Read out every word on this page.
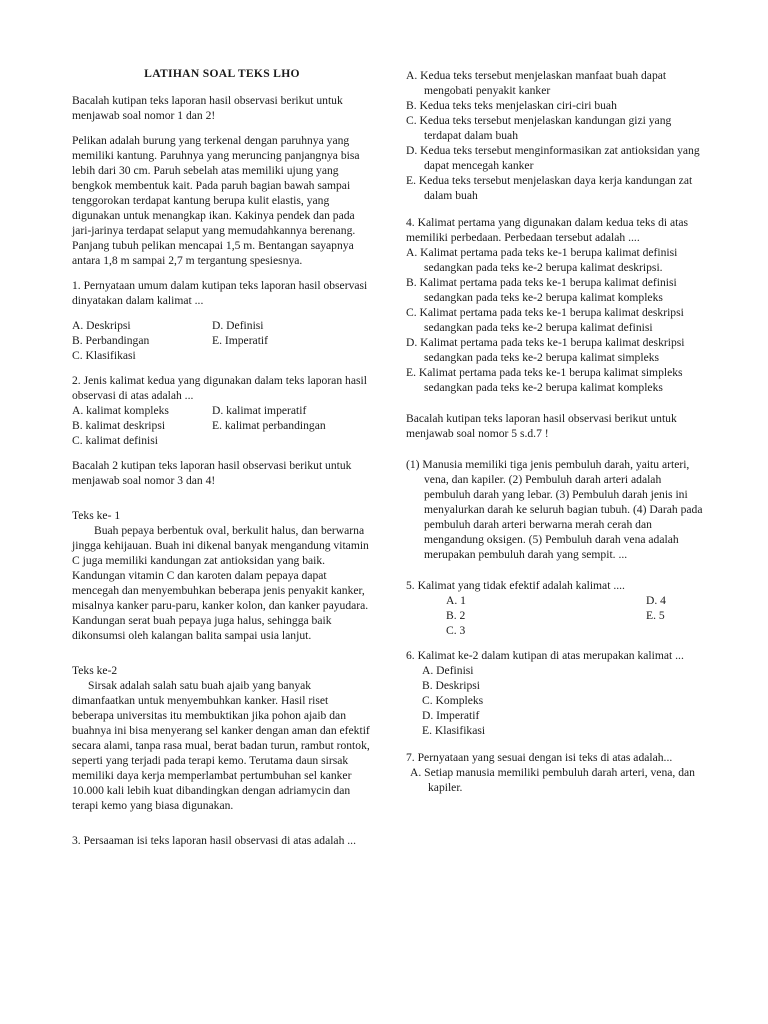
LATIHAN SOAL TEKS LHO
Bacalah kutipan teks laporan hasil observasi berikut untuk menjawab soal nomor 1 dan 2!
Pelikan adalah burung yang terkenal dengan paruhnya yang memiliki kantung. Paruhnya yang meruncing panjangnya bisa lebih dari 30 cm. Paruh sebelah atas memiliki ujung yang bengkok membentuk kait. Pada paruh bagian bawah sampai tenggorokan terdapat kantung berupa kulit elastis, yang digunakan untuk menangkap ikan. Kakinya pendek dan pada jari-jarinya terdapat selaput yang memudahkannya berenang. Panjang tubuh pelikan mencapai 1,5 m. Bentangan sayapnya antara 1,8 m sampai 2,7 m tergantung spesiesnya.
1. Pernyataan umum dalam kutipan teks laporan hasil observasi dinyatakan dalam kalimat ...
A. Deskripsi	D. Definisi
B. Perbandingan	E. Imperatif
C. Klasifikasi
2. Jenis kalimat kedua yang digunakan dalam teks laporan hasil observasi di atas adalah ...
A. kalimat kompleks	D. kalimat imperatif
B. kalimat deskripsi	E. kalimat perbandingan
C. kalimat definisi
Bacalah 2 kutipan teks laporan hasil observasi berikut untuk menjawab soal nomor 3 dan 4!
Teks ke- 1
Buah pepaya berbentuk oval, berkulit halus, dan berwarna jingga kehijauan. Buah ini dikenal banyak mengandung vitamin C juga memiliki kandungan zat antioksidan yang baik. Kandungan vitamin C dan karoten dalam pepaya dapat mencegah dan menyembuhkan beberapa jenis penyakit kanker, misalnya kanker paru-paru, kanker kolon, dan kanker payudara. Kandungan serat buah pepaya juga halus, sehingga baik dikonsumsi oleh kalangan balita sampai usia lanjut.
Teks ke-2
Sirsak adalah salah satu buah ajaib yang banyak dimanfaatkan untuk menyembuhkan kanker. Hasil riset beberapa universitas itu membuktikan jika pohon ajaib dan buahnya ini bisa menyerang sel kanker dengan aman dan efektif secara alami, tanpa rasa mual, berat badan turun, rambut rontok, seperti yang terjadi pada terapi kemo. Terutama daun sirsak memiliki daya kerja memperlambat pertumbuhan sel kanker 10.000 kali lebih kuat dibandingkan dengan adriamycin dan terapi kemo yang biasa digunakan.
3. Persaaman isi teks laporan hasil observasi di atas adalah ...
A. Kedua teks tersebut menjelaskan manfaat buah dapat mengobati penyakit kanker
B. Kedua teks teks menjelaskan ciri-ciri buah
C. Kedua teks tersebut menjelaskan kandungan gizi yang terdapat dalam buah
D. Kedua teks tersebut menginformasikan zat antioksidan yang dapat mencegah kanker
E. Kedua teks tersebut menjelaskan daya kerja kandungan zat dalam buah
4. Kalimat pertama yang digunakan dalam kedua teks di atas memiliki perbedaan. Perbedaan tersebut adalah ....
A. Kalimat pertama pada teks ke-1 berupa kalimat definisi sedangkan pada teks ke-2 berupa kalimat deskripsi.
B. Kalimat pertama pada teks ke-1 berupa kalimat definisi sedangkan pada teks ke-2 berupa kalimat kompleks
C. Kalimat pertama pada teks ke-1 berupa kalimat deskripsi sedangkan pada teks ke-2 berupa kalimat definisi
D. Kalimat pertama pada teks ke-1 berupa kalimat deskripsi sedangkan pada teks ke-2 berupa kalimat simpleks
E. Kalimat pertama pada teks ke-1 berupa kalimat simpleks sedangkan pada teks ke-2 berupa kalimat kompleks
Bacalah kutipan teks laporan hasil observasi berikut untuk menjawab soal nomor 5 s.d.7 !
(1) Manusia memiliki tiga jenis pembuluh darah, yaitu arteri, vena, dan kapiler. (2) Pembuluh darah arteri adalah pembuluh darah yang lebar. (3) Pembuluh darah jenis ini menyalurkan darah ke seluruh bagian tubuh. (4) Darah pada pembuluh darah arteri berwarna merah cerah dan mengandung oksigen. (5) Pembuluh darah vena adalah merupakan pembuluh darah yang sempit. ...
5. Kalimat yang tidak efektif adalah kalimat ....
A. 1	D. 4
B. 2	E. 5
C. 3
6. Kalimat ke-2 dalam kutipan di atas merupakan kalimat ...
A. Definisi
B. Deskripsi
C. Kompleks
D. Imperatif
E. Klasifikasi
7. Pernyataan yang sesuai dengan isi teks di atas adalah...
A. Setiap manusia memiliki pembuluh darah arteri, vena, dan kapiler.
